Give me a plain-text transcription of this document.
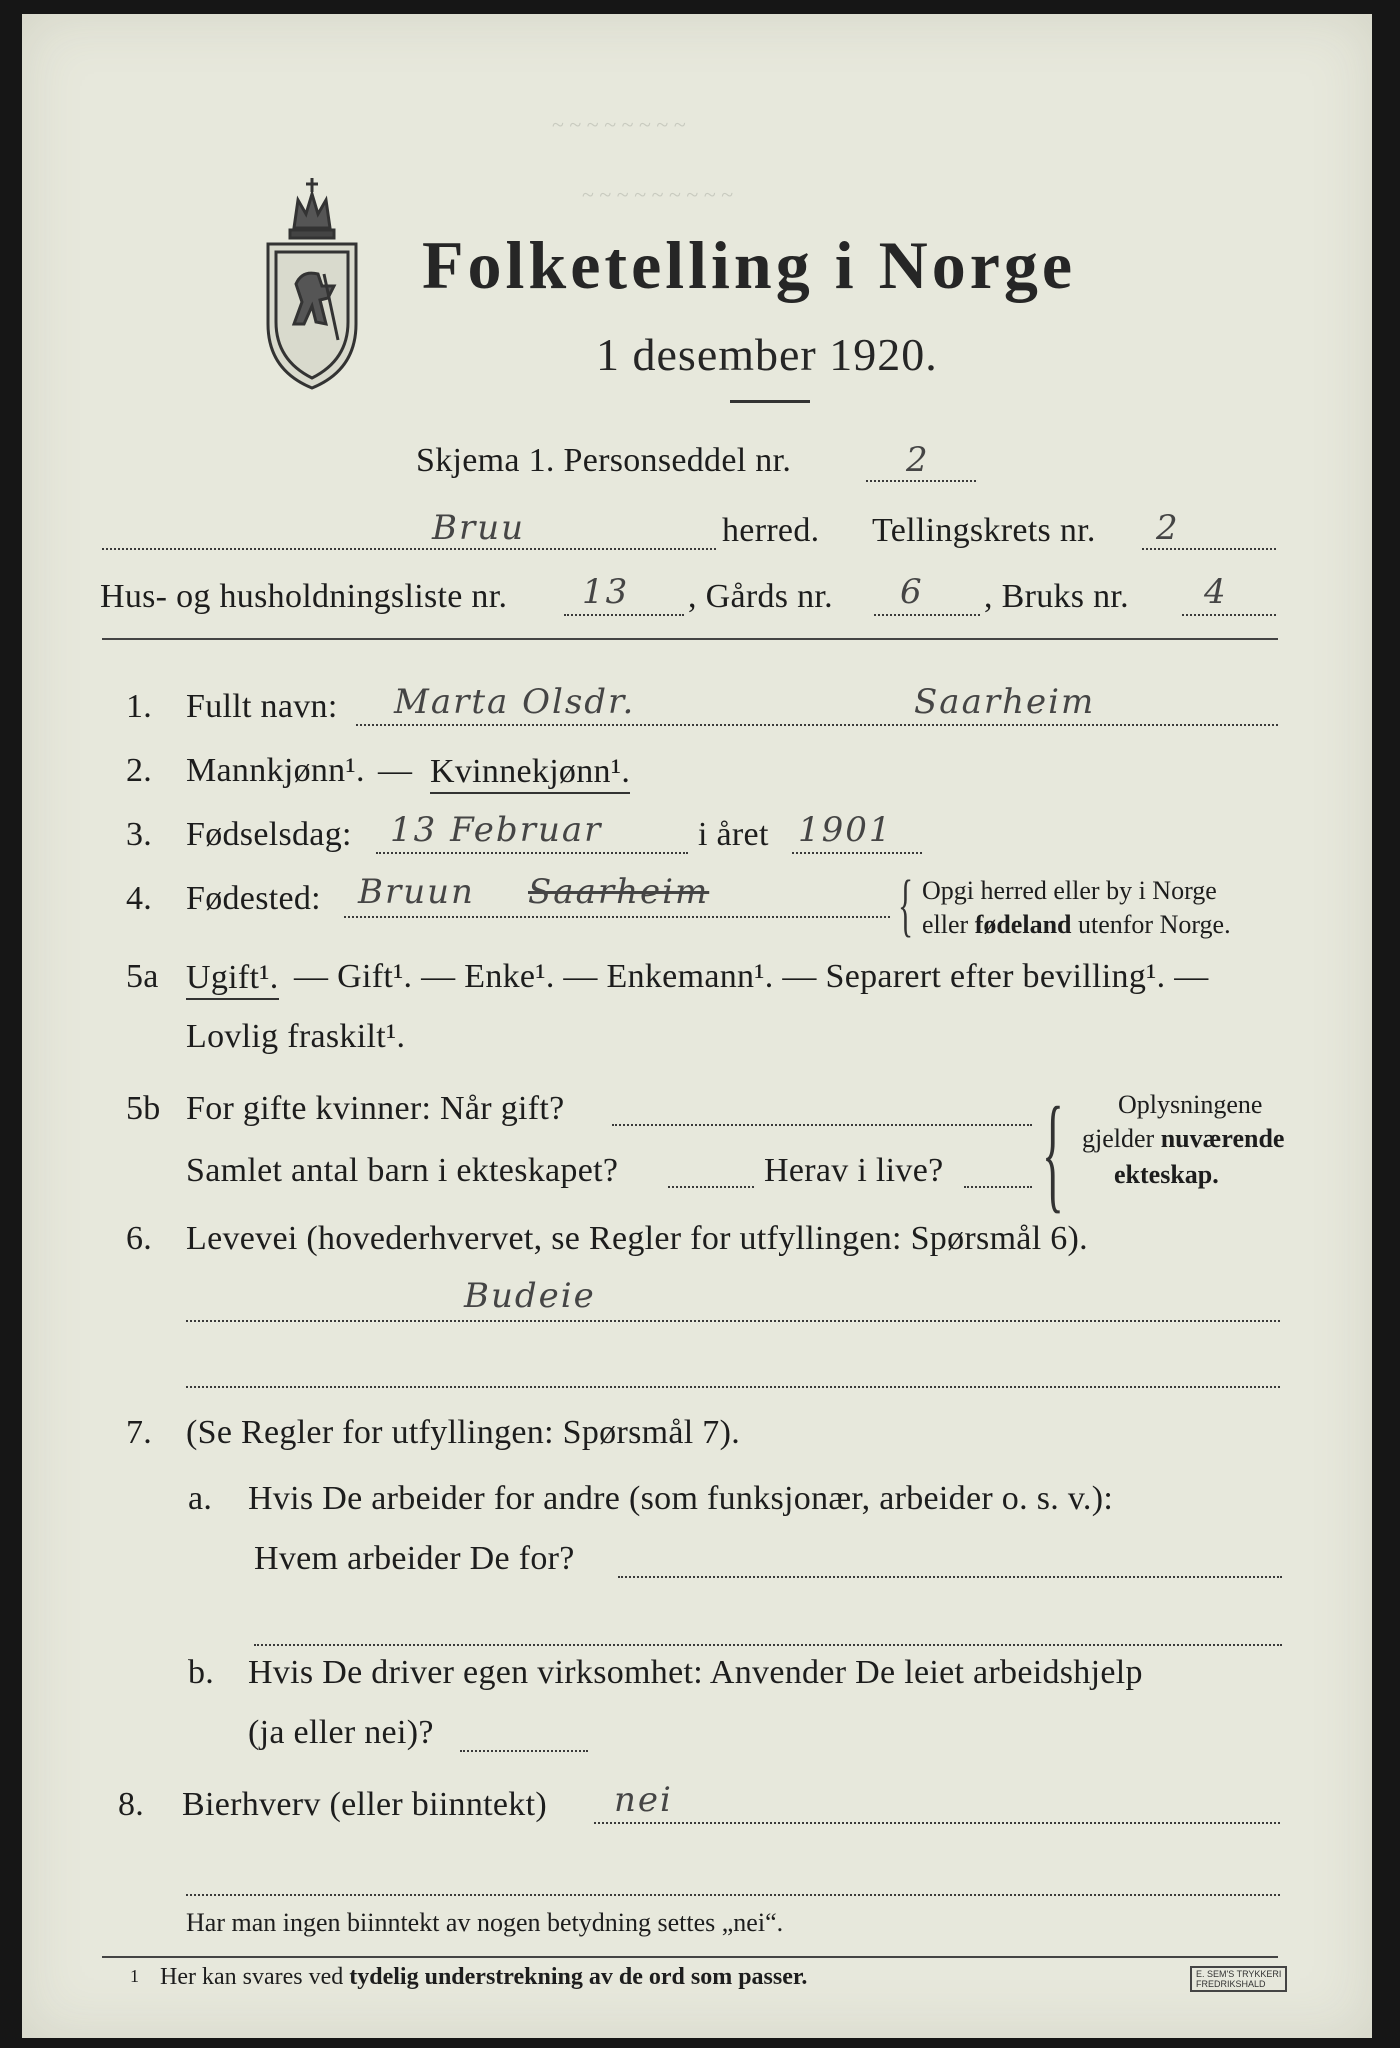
~ ~ ~ ~ ~ ~ ~ ~
~ ~ ~ ~ ~ ~ ~ ~ ~
Folketelling i Norge
1 desember 1920.
Skjema 1. Personseddel nr.	2
Bruu	herred. Tellingskrets nr. 2
Hus- og husholdningsliste nr. 13 , Gårds nr. 6 , Bruks nr. 4
1. Fullt navn: Marta Olsdr.	Saarheim
2. Mannkjønn¹. — Kvinnekjønn¹.
3. Fødselsdag: 13 Februar	i året 1901
4. Fødested: Bruun Saarheim	{ Opgi herred eller by i Norge
eller fødeland utenfor Norge.
5a Ugift¹. — Gift¹. — Enke¹. — Enkemann¹. — Separert efter bevilling¹. —
Lovlig fraskilt¹.
5b For gifte kvinner: Når gift?
Samlet antal barn i ekteskapet?	Herav i live? { Oplysningene
gjelder nuværende
ekteskap.
6. Levevei (hovederhvervet, se Regler for utfyllingen: Spørsmål 6).
Budeie
7. (Se Regler for utfyllingen: Spørsmål 7).
a. Hvis De arbeider for andre (som funksjonær, arbeider o. s. v.):
Hvem arbeider De for?
b. Hvis De driver egen virksomhet: Anvender De leiet arbeidshjelp
(ja eller nei)?
8. Bierhverv (eller biinntekt) nei
Har man ingen biinntekt av nogen betydning settes „nei“.
1 Her kan svares ved tydelig understrekning av de ord som passer.	E. SEM'S TRYKKERI
FREDRIKSHALD
